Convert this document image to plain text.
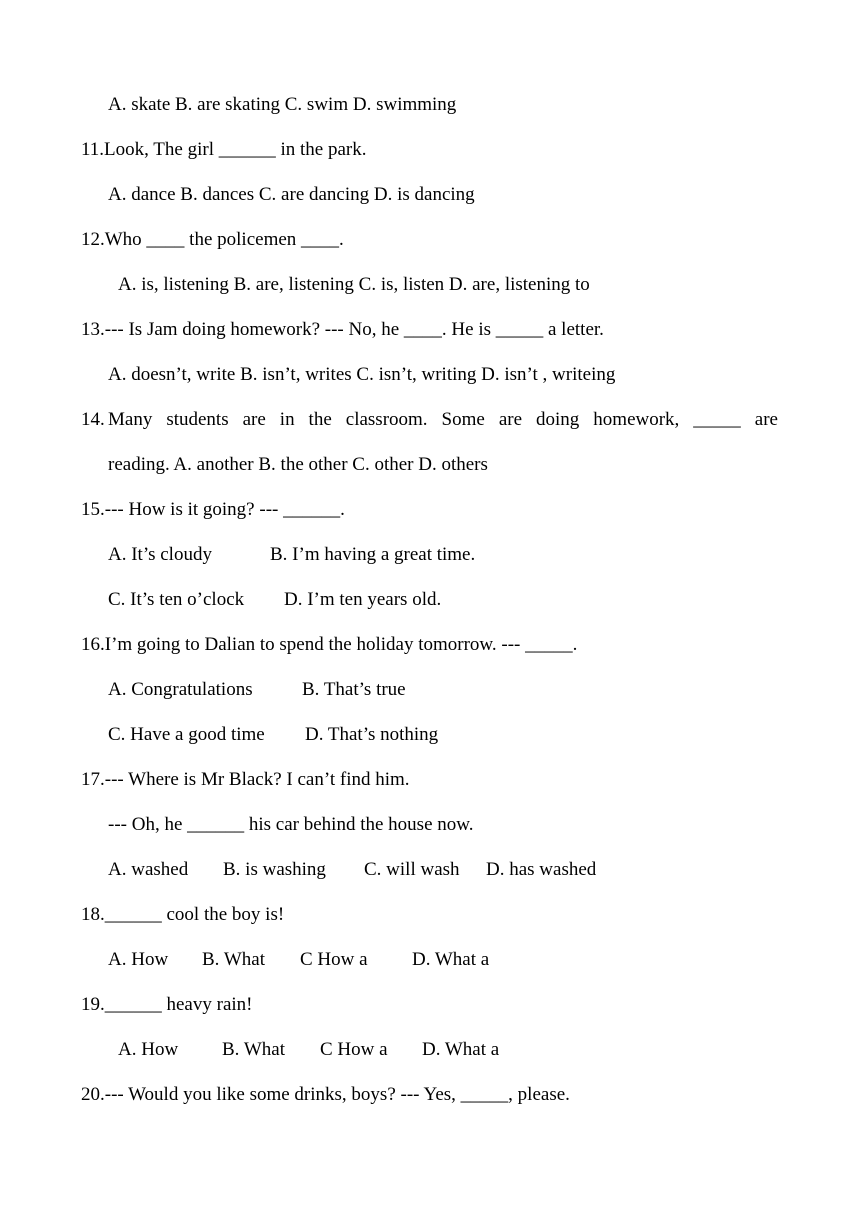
A. skate B. are skating C. swim D. swimming
11.Look, The girl ______ in the park.
A. dance B. dances C. are dancing D. is dancing
12.Who ____ the policemen ____.
A. is, listening B. are, listening C. is, listen D. are, listening to
13.--- Is Jam doing homework? --- No, he ____. He is _____ a letter.
A. doesn’t, write B. isn’t, writes C. isn’t, writing D. isn’t , writeing
14. Many students are in the classroom. Some are doing homework, _____ are
reading. A. another B. the other C. other D. others
15.--- How is it going? --- ______.
A. It’s cloudy	B. I’m having a great time.
C. It’s ten o’clock D. I’m ten years old.
16.I’m going to Dalian to spend the holiday tomorrow. --- _____.
A. Congratulations	B. That’s true
C. Have a good time D. That’s nothing
17.--- Where is Mr Black? I can’t find him.
--- Oh, he ______ his car behind the house now.
A. washed B. is washing C. will wash D. has washed
18.______ cool the boy is!
A. How B. What C How a D. What a
19.______ heavy rain!
A. How B. What C How a D. What a
20.--- Would you like some drinks, boys? --- Yes, _____, please.
